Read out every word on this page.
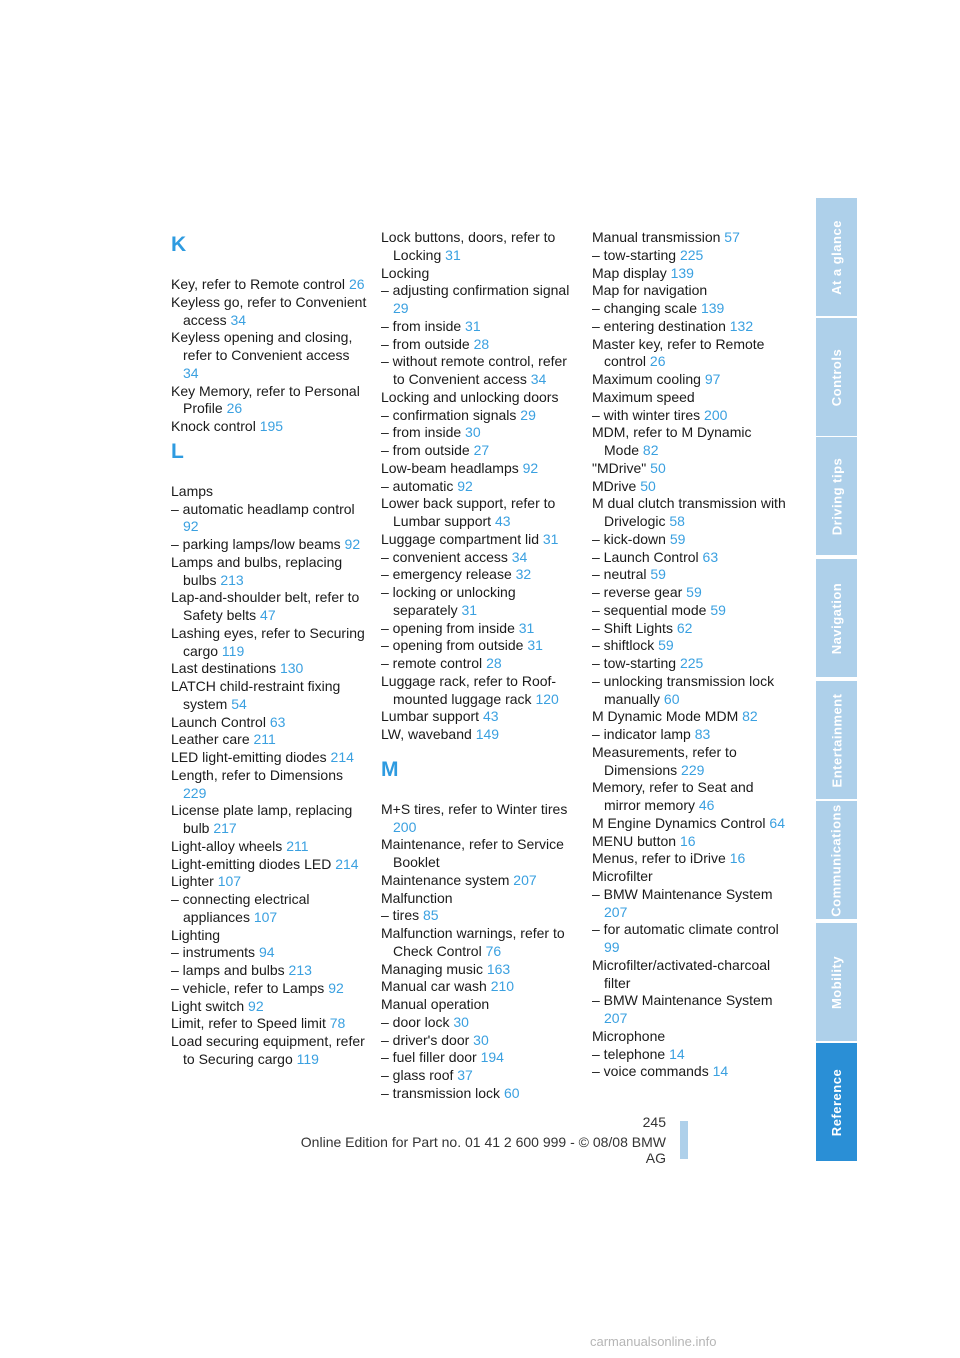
K

Key, refer to Remote control 26

Keyless go, refer to Convenient access 34

Keyless opening and closing, refer to Convenient access 34

Key Memory, refer to Personal Profile 26

Knock control 195

L

Lamps

– automatic headlamp control 92

– parking lamps/low beams 92

Lamps and bulbs, replacing bulbs 213

Lap-and-shoulder belt, refer to Safety belts 47

Lashing eyes, refer to Securing cargo 119

Last destinations 130

LATCH child-restraint fixing system 54

Launch Control 63

Leather care 211

LED light-emitting diodes 214

Length, refer to Dimensions 229

License plate lamp, replacing bulb 217

Light-alloy wheels 211

Light-emitting diodes LED 214

Lighter 107

– connecting electrical appliances 107

Lighting

– instruments 94

– lamps and bulbs 213

– vehicle, refer to Lamps 92

Light switch 92

Limit, refer to Speed limit 78

Load securing equipment, refer to Securing cargo 119

Lock buttons, doors, refer to Locking 31

Locking

– adjusting confirmation signal 29

– from inside 31

– from outside 28

– without remote control, refer to Convenient access 34

Locking and unlocking doors

– confirmation signals 29

– from inside 30

– from outside 27

Low-beam headlamps 92

– automatic 92

Lower back support, refer to Lumbar support 43

Luggage compartment lid 31

– convenient access 34

– emergency release 32

– locking or unlocking separately 31

– opening from inside 31

– opening from outside 31

– remote control 28

Luggage rack, refer to Roof-mounted luggage rack 120

Lumbar support 43

LW, waveband 149

M

M+S tires, refer to Winter tires 200

Maintenance, refer to Service Booklet

Maintenance system 207

Malfunction

– tires 85

Malfunction warnings, refer to Check Control 76

Managing music 163

Manual car wash 210

Manual operation

– door lock 30

– driver's door 30

– fuel filler door 194

– glass roof 37

– transmission lock 60

Manual transmission 57

– tow-starting 225

Map display 139

Map for navigation

– changing scale 139

– entering destination 132

Master key, refer to Remote control 26

Maximum cooling 97

Maximum speed

– with winter tires 200

MDM, refer to M Dynamic Mode 82

"MDrive" 50

MDrive 50

M dual clutch transmission with Drivelogic 58

– kick-down 59

– Launch Control 63

– neutral 59

– reverse gear 59

– sequential mode 59

– Shift Lights 62

– shiftlock 59

– tow-starting 225

– unlocking transmission lock manually 60

M Dynamic Mode MDM 82

– indicator lamp 83

Measurements, refer to Dimensions 229

Memory, refer to Seat and mirror memory 46

M Engine Dynamics Control 64

MENU button 16

Menus, refer to iDrive 16

Microfilter

– BMW Maintenance System 207

– for automatic climate control 99

Microfilter/activated-charcoal filter

– BMW Maintenance System 207

Microphone

– telephone 14

– voice commands 14

At a glance
Controls
Driving tips
Navigation
Entertainment
Communications
Mobility
Reference
245
Online Edition for Part no. 01 41 2 600 999 - © 08/08 BMW AG
carmanualsonline.info
